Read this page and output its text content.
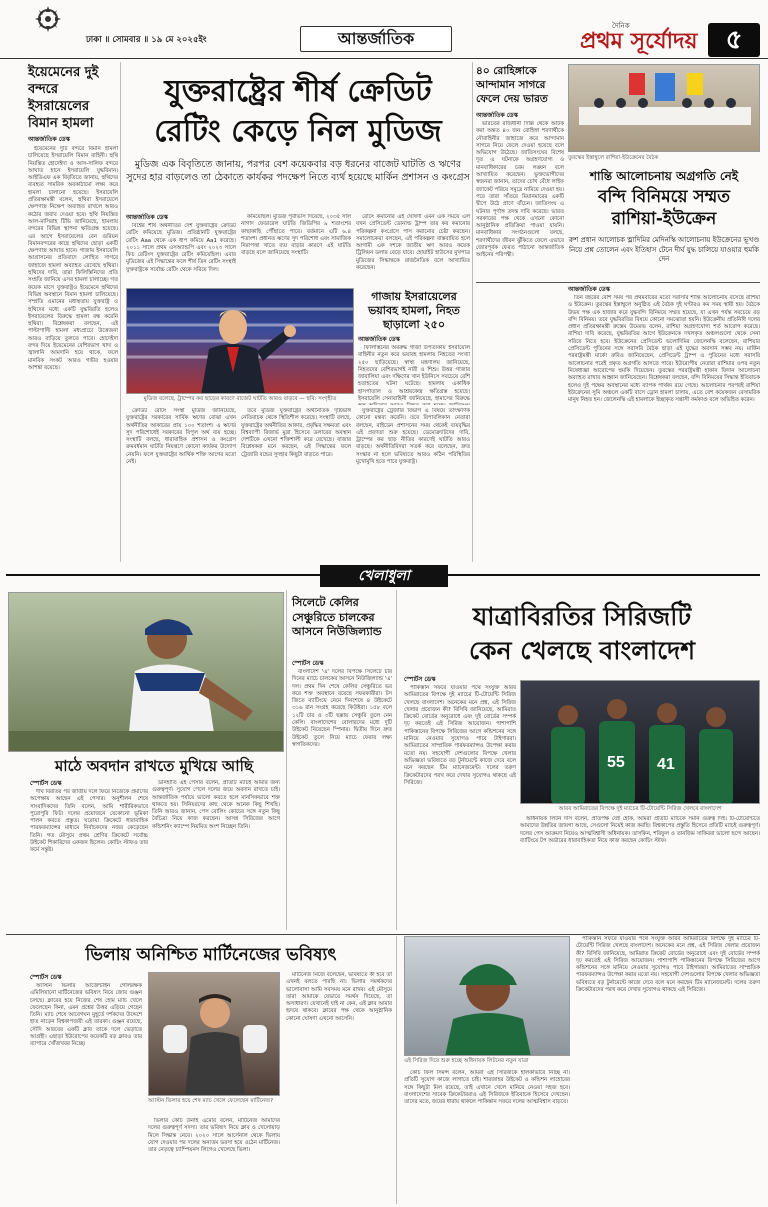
ঢাকা ॥ সোমবার ॥ ১৯ মে ২০২৫ইং	আন্তর্জাতিক
দৈনিক
প্রথম সূর্যোদয়	৫
ইয়েমেনের দুই বন্দরে ইসরায়েলের বিমান হামলা
আন্তর্জাতিক ডেস্ক

ইয়েমেনের দুটি বন্দরে বিমান হামলা চালিয়েছে ইসরায়েলি বিমান বাহিনী। হুথি নিয়ন্ত্রিত হোদেইদা ও আস-সালিফ বন্দরে আঘাত হানে ইসরায়েলি যুদ্ধবিমান। আইডিএফ এক বিবৃতিতে জানায়, হুথিদের ব্যবহৃত সামরিক অবকাঠামো লক্ষ্য করে হামলা চালানো হয়েছে। ইসরায়েলি প্রতিরক্ষামন্ত্রী বলেন, হুথিরা ইসরায়েলে ক্ষেপণাস্ত্র নিক্ষেপ অব্যাহত রাখলে আরও কঠোর জবাব দেওয়া হবে। হুথি নিয়ন্ত্রিত আল-মাসিরাহ টিভি জানিয়েছে, হামলায় বন্দরের বিভিন্ন স্থাপনা ক্ষতিগ্রস্ত হয়েছে। এর আগে ইসরায়েলের বেন গুরিয়ন বিমানবন্দরের কাছে হুথিদের ছোড়া একটি ক্ষেপণাস্ত্র আঘাত হানে। গাজায় ইসরায়েলি আগ্রাসনের প্রতিবাদে লোহিত সাগরে জাহাজে হামলা অব্যাহত রেখেছে হুথিরা। হুথিদের দাবি, তারা ফিলিস্তিনিদের প্রতি সংহতি জানিয়ে এসব হামলা চালাচ্ছে। গত কয়েক মাসে যুক্তরাষ্ট্রও ইয়েমেনে হুথিদের বিভিন্ন অবস্থানে বিমান হামলা চালিয়েছে। সম্প্রতি ওমানের মধ্যস্থতায় যুক্তরাষ্ট্র ও হুথিদের মধ্যে একটি যুদ্ধবিরতি হলেও ইসরায়েলের বিরুদ্ধে হামলা বন্ধ করেনি হুথিরা। বিশ্লেষকরা বলছেন, এই পাল্টাপাল্টি হামলা মধ্যপ্রাচ্যে উত্তেজনা আরও বাড়িয়ে তুলতে পারে। হোদেইদা বন্দর দিয়ে ইয়েমেনের বেশিরভাগ খাদ্য ও জ্বালানি আমদানি হয়ে থাকে, ফলে মানবিক সংকট আরও গভীর হওয়ার আশঙ্কা রয়েছে।

যুক্তরাষ্ট্রের শীর্ষ ক্রেডিট
রেটিং কেড়ে নিল মুডিজ
মুডিজ এক বিবৃতিতে জানায়, পরপর বেশ কয়েকবার বড় ধরনের বাজেট ঘাটতি ও ঋণের সুদের হার বাড়লেও তা ঠেকাতে কার্যকর পদক্ষেপ নিতে ব্যর্থ হয়েছে মার্কিন প্রশাসন ও কংগ্রেস
আন্তর্জাতিক ডেস্ক

বিশ্বের শীর্ষ অর্থনীতির দেশ যুক্তরাষ্ট্রের ক্রেডিট রেটিং কমিয়েছে মুডিজ। প্রতিষ্ঠানটি যুক্তরাষ্ট্রের রেটিং Aaa থেকে এক ধাপ কমিয়ে Aa1 করেছে। ২০১১ সালে প্রথম এসঅ্যান্ডপি এবং ২০২৩ সালে ফিচ রেটিংস যুক্তরাষ্ট্রের রেটিং কমিয়েছিল। এবার মুডিজের এই সিদ্ধান্তের ফলে শীর্ষ তিন রেটিং সংস্থাই যুক্তরাষ্ট্রকে সর্বোচ্চ রেটিং থেকে সরিয়ে দিল।

কমিয়েছিল। মুডিজ পূর্বাভাস দিয়েছে, ২০৩৫ সাল নাগাদ ফেডারেল ঘাটতি জিডিপির ৯ শতাংশের কাছাকাছি পৌঁছাতে পারে। বর্তমানে এটি ৬.৪ শতাংশ। প্রধানত ঋণের সুদ পরিশোধ এবং সামাজিক নিরাপত্তা খাতে ব্যয় বাড়ার কারণে এই ঘাটতি বাড়ছে বলে জানিয়েছে সংস্থাটি।

রেটিং কমানোর এই ঘোষণা এমন এক সময়ে এল যখন প্রেসিডেন্ট ডোনাল্ড ট্রাম্প তার কর কমানোর পরিকল্পনা কংগ্রেসে পাস করানোর চেষ্টা করছেন। সমালোচকরা বলছেন, এই পরিকল্পনা বাস্তবায়িত হলে আগামী এক দশকে জাতীয় ঋণ আরও কয়েক ট্রিলিয়ন ডলার বেড়ে যাবে। হোয়াইট হাউসের মুখপাত্র মুডিজের সিদ্ধান্তকে রাজনৈতিক বলে আখ্যায়িত করেছেন।

মুডিজ বলেছে, ট্রাম্পের কর ছাড়ের কারণে বাজেট ঘাটতি আরও বাড়বে — ছবি: সংগৃহীত

ক্রেডিট রেটিং সংস্থা মুডিজ জানিয়েছে, যুক্তরাষ্ট্রের সরকারের সার্বিক ঋণের বোঝা এখন অর্থনীতির আকারের প্রায় ১০০ শতাংশ। এ ঋণের সুদ পরিশোধেই সরকারের বিপুল অর্থ ব্যয় হচ্ছে। সংস্থাটি বলছে, ধারাবাহিক প্রশাসন ও কংগ্রেস ক্রমবর্ধমান ঘাটতি নিয়ন্ত্রণে কোনো কার্যকর উদ্যোগ নেয়নি। ফলে যুক্তরাষ্ট্রের আর্থিক শক্তি আগের মতো নেই।

তবে মুডিজ যুক্তরাষ্ট্রের অর্থনৈতিক দৃষ্টিভঙ্গি নেতিবাচক থেকে স্থিতিশীল করেছে। সংস্থাটি বলছে, যুক্তরাষ্ট্রের অর্থনীতির আকার, প্রবৃদ্ধির সক্ষমতা এবং বিশ্বব্যাপী রিজার্ভ মুদ্রা হিসেবে ডলারের অবস্থান দেশটিকে এখনো শক্তিশালী করে রেখেছে। বাজার বিশ্লেষকরা মনে করছেন, এই সিদ্ধান্তের ফলে ট্রেজারি বন্ডের সুদহার কিছুটা বাড়তে পারে।

যুক্তরাষ্ট্রের ট্রেজারি বিভাগ এ বিষয়ে তাৎক্ষণিক কোনো মন্তব্য করেনি। তবে রিপাবলিকান নেতারা বলছেন, বাইডেন প্রশাসনের সময় থেকেই ব্যয়বৃদ্ধির এই প্রবণতা শুরু হয়েছে। ডেমোক্র্যাটদের দাবি, ট্রাম্পের কর ছাড় নীতির কারণেই ঘাটতি আরও বাড়ছে। অর্থনীতিবিদরা সতর্ক করে বলেছেন, দ্রুত সংস্কার না হলে ভবিষ্যতে আরও কঠিন পরিস্থিতির মুখোমুখি হতে পারে যুক্তরাষ্ট্র।

গাজায় ইসরায়েলের ভয়াবহ হামলা, নিহত ছাড়ালো ২৫০
আন্তর্জাতিক ডেস্ক

ফিলিস্তিনের অবরুদ্ধ গাজা উপত্যকায় ইসরায়েলি বাহিনীর নতুন করে ভয়াবহ হামলায় নিহতের সংখ্যা ২৫০ ছাড়িয়েছে। স্বাস্থ্য মন্ত্রণালয় জানিয়েছে, নিহতদের বেশিরভাগই নারী ও শিশু। উত্তর গাজার জাবালিয়া এবং দক্ষিণের খান ইউনিসে সবচেয়ে বেশি হতাহতের ঘটনা ঘটেছে। হামলায় একাধিক হাসপাতাল ও আশ্রয়কেন্দ্র ক্ষতিগ্রস্ত হয়েছে। ইসরায়েলি সেনাবাহিনী জানিয়েছে, হামাসের বিরুদ্ধে

৪০ রোহিঙ্গাকে আন্দামান সাগরে ফেলে দেয় ভারত
আন্তর্জাতিক ডেস্ক

ভারতের রাজধানী দিল্লি থেকে আটক করা অন্তত ৪০ জন রোহিঙ্গা শরণার্থীকে নৌবাহিনীর জাহাজে করে আন্দামান সাগরে নিয়ে ফেলে দেওয়া হয়েছে বলে অভিযোগ উঠেছে। জাতিসংঘের বিশেষ দূত এ ঘটনাকে অগ্রহণযোগ্য ও মানবাধিকারের চরম লঙ্ঘন বলে আখ্যায়িত করেছেন। ভুক্তভোগীদের স্বজনরা জানান, তাদের চোখ বেঁধে লাইফ জ্যাকেট পরিয়ে সমুদ্রে নামিয়ে দেওয়া হয়। পরে তারা সাঁতরে মিয়ানমারের একটি দ্বীপে উঠে প্রাণে বাঁচেন। জাতিসংঘ এ ঘটনার পূর্ণাঙ্গ তদন্ত দাবি করেছে। ভারত সরকারের পক্ষ থেকে এখনো কোনো আনুষ্ঠানিক প্রতিক্রিয়া পাওয়া যায়নি। মানবাধিকার সংগঠনগুলো বলছে, শরণার্থীদের জীবন ঝুঁকিতে ফেলে এভাবে জোরপূর্বক ফেরত পাঠানো আন্তর্জাতিক আইনের পরিপন্থী।

তুরস্কের ইস্তাম্বুলে রাশিয়া-ইউক্রেনের বৈঠক
শান্তি আলোচনায় অগ্রগতি নেই
বন্দি বিনিময়ে সম্মত
রাশিয়া-ইউক্রেন
রুশ প্রধান আলোচক ভ্লাদিমির মেদিনস্কি আলোচনায় ইউক্রেনের ভূখণ্ড নিয়ে প্রশ্ন তোলেন এবং ইতিহাস টেনে দীর্ঘ যুদ্ধ চালিয়ে যাওয়ার হুমকি দেন
আন্তর্জাতিক ডেস্ক

তিন বছরের বেশি সময় পর প্রথমবারের মতো সরাসরি শান্তি আলোচনায় বসেছে রাশিয়া ও ইউক্রেন। তুরস্কের ইস্তাম্বুলে অনুষ্ঠিত এই বৈঠক দুই ঘণ্টারও কম সময় স্থায়ী হয়। বৈঠকে উভয় পক্ষ এক হাজার করে যুদ্ধবন্দি বিনিময়ে সম্মত হয়েছে, যা এখন পর্যন্ত সবচেয়ে বড় বন্দি বিনিময়। তবে যুদ্ধবিরতির বিষয়ে কোনো সমঝোতা হয়নি। ইউক্রেনীয় প্রতিনিধি দলের প্রধান প্রতিরক্ষামন্ত্রী রুস্তেম উমেরভ বলেন, রাশিয়া অগ্রহণযোগ্য শর্ত আরোপ করেছে। রাশিয়া দাবি করেছে, যুদ্ধবিরতির আগে ইউক্রেনকে দখলকৃত অঞ্চলগুলো থেকে সেনা সরিয়ে নিতে হবে। ইউক্রেনের প্রেসিডেন্ট ভলোদিমির জেলেনস্কি বলেছেন, রাশিয়ার প্রেসিডেন্ট পুতিনের সঙ্গে সরাসরি বৈঠক ছাড়া এই যুদ্ধের অবসান সম্ভব নয়। মার্কিন পররাষ্ট্রমন্ত্রী মার্কো রুবিও জানিয়েছেন, প্রেসিডেন্ট ট্রাম্প ও পুতিনের মধ্যে সরাসরি আলোচনার পরেই প্রকৃত অগ্রগতি আসতে পারে। ইউরোপীয় নেতারা রাশিয়ার ওপর নতুন নিষেধাজ্ঞা আরোপের হুমকি দিয়েছেন। তুরস্কের পররাষ্ট্রমন্ত্রী হাকান ফিদান আলোচনা অব্যাহত রাখার আহ্বান জানিয়েছেন। বিশ্লেষকরা বলছেন, বন্দি বিনিময়ের সিদ্ধান্ত ইতিবাচক হলেও দুই পক্ষের অবস্থানের মধ্যে ব্যাপক পার্থক্য রয়ে গেছে। আলোচনার পরপরই রাশিয়া ইউক্রেনের সুমি অঞ্চলে একটি বাসে ড্রোন হামলা চালায়, এতে বেশ কয়েকজন বেসামরিক মানুষ নিহত হন। জেলেনস্কি এই হামলাকে ইচ্ছাকৃত সন্ত্রাসী কর্মকাণ্ড বলে অভিহিত করেন।

খেলাধুলা
মাঠে অবদান রাখতে মুখিয়ে আছি
স্পোর্টস ডেস্ক

দীর্ঘ বিরতির পর জাতীয় দলে ফিরে নিজেকে প্রমাণের অপেক্ষায় আছেন এই পেসার। অনুশীলন শেষে সাংবাদিকদের তিনি বলেন, আমি শারীরিকভাবে পুরোপুরি ফিট। দলের প্রয়োজনে যেকোনো ভূমিকা পালন করতে প্রস্তুত। ঘরোয়া ক্রিকেটে ধারাবাহিক পারফরম্যান্সের মাধ্যমে নির্বাচকদের নজর কেড়েছেন তিনি। গত মৌসুমে প্রথম শ্রেণির ক্রিকেটে সর্বোচ্চ উইকেট শিকারিদের একজন ছিলেন। কোচিং স্টাফও তার ফর্মে সন্তুষ্ট।

ডানহাতি এই পেসার বলেন, প্রতিটি ম্যাচই আমার জন্য গুরুত্বপূর্ণ। সুযোগ পেলে দলের জয়ে অবদান রাখতে চাই। আন্তর্জাতিক পর্যায়ে ভালো করতে হলে মানসিকভাবে শক্ত থাকতে হয়। সিনিয়রদের কাছ থেকে অনেক কিছু শিখছি। তিনি আরও জানান, পেস বোলিং কোচের সঙ্গে নতুন কিছু বৈচিত্র্য নিয়ে কাজ করছেন। আসন্ন সিরিজের আগে কন্ডিশনিং ক্যাম্পে নিয়মিত অংশ নিচ্ছেন তিনি।

সিলেটে কেলির সেঞ্চুরিতে চালকের আসনে নিউজিল্যান্ড
স্পোর্টস ডেস্ক

বাংলাদেশ 'এ' দলের বিপক্ষে সিলেটে চার দিনের ম্যাচে চালকের আসনে নিউজিল্যান্ড 'এ' দল। প্রথম দিন শেষে কেলির সেঞ্চুরিতে ভর করে শক্ত অবস্থানে রয়েছে সফরকারীরা। টস জিতে ব্যাটিংয়ে নেমে দিনশেষে ৪ উইকেটে ৩১৬ রান সংগ্রহ করেছে কিউইরা। ১৫৮ বলে ১২টি চার ও ৩টি ছক্কায় সেঞ্চুরি তুলে নেন কেলি। বাংলাদেশের বোলারদের মধ্যে দুটি উইকেট নিয়েছেন স্পিনার। দ্বিতীয় দিনে দ্রুত উইকেট তুলে নিয়ে ম্যাচে ফেরার লক্ষ্য স্বাগতিকদের।

যাত্রাবিরতির সিরিজটি
কেন খেলছে বাংলাদেশ
স্পোর্টস ডেস্ক

পাকিস্তান সফরে যাওয়ার পথে সংযুক্ত আরব আমিরাতের বিপক্ষে দুই ম্যাচের টি-টোয়েন্টি সিরিজ খেলছে বাংলাদেশ। অনেকের মনে প্রশ্ন, এই সিরিজ খেলার প্রয়োজন কী? বিসিবি জানিয়েছে, আমিরাত ক্রিকেট বোর্ডের অনুরোধে এবং দুই বোর্ডের সম্পর্ক দৃঢ় করতেই এই সিরিজ আয়োজন। পাশাপাশি পাকিস্তানের বিপক্ষে সিরিজের আগে কন্ডিশনের সঙ্গে মানিয়ে নেওয়ার সুযোগও পাবে টাইগাররা। আমিরাতের সাম্প্রতিক পারফরম্যান্সও উপেক্ষা করার মতো নয়। সহযোগী দেশগুলোর বিপক্ষে খেলার অভিজ্ঞতা ভবিষ্যতে বড় টুর্নামেন্টে কাজে দেবে বলে মনে করছেন টিম ম্যানেজমেন্ট। দলের তরুণ ক্রিকেটারদের পরখ করে দেখার সুযোগও থাকছে এই সিরিজে।

55 41
আরব আমিরাতের বিপক্ষে দুই ম্যাচের টি-টোয়েন্টি সিরিজ খেলবে বাংলাদেশ

অধিনায়ক লিটন দাস বলেন, প্রতিপক্ষ যেই হোক, আমরা প্রতিটি ম্যাচকে সমান গুরুত্ব দিই। টি-টোয়েন্টিতে আমাদের উন্নতির জায়গা আছে, সেগুলো নিয়েই কাজ করছি। বিশ্বকাপের প্রস্তুতি হিসেবে প্রতিটি ম্যাচই গুরুত্বপূর্ণ। দলের পেস আক্রমণ নিয়েও আত্মবিশ্বাসী অধিনায়ক। তাসকিন, শরিফুল ও তানজিম সাকিবরা ভালো ছন্দে আছেন। ব্যাটিংয়ে টপ অর্ডারের ধারাবাহিকতা নিয়ে কাজ করছেন কোচিং স্টাফ।

ভিলায় অনিশ্চিত মার্টিনেজের ভবিষ্যৎ
স্পোর্টস ডেস্ক

অ্যাস্টন ভিলার আর্জেন্টাইন গোলরক্ষক এমিলিয়ানো মার্টিনেজের ভবিষ্যৎ নিয়ে জোর গুঞ্জন চলছে। ক্লাবের হয়ে নিজের শেষ হোম ম্যাচ খেলে ফেলেছেন কিনা, এমন প্রশ্নের উত্তর এড়িয়ে গেছেন তিনি। ম্যাচ শেষে আবেগঘন মুহূর্তে দর্শকদের উদ্দেশে হাত নাড়েন বিশ্বকাপজয়ী এই তারকা। গুঞ্জন রয়েছে, সৌদি আরবের একটি ক্লাব তাকে দলে ভেড়াতে আগ্রহী। এছাড়া ইউরোপের কয়েকটি বড় ক্লাবও তার ব্যাপারে খোঁজখবর নিচ্ছে।

অ্যাস্টন ভিলার হয়ে শেষ ম্যাচ খেলে ফেলেছেন মার্টিনেজ?

ভিলার কোচ উনাই এমেরি বলেন, মার্টিনেজ আমাদের দলের গুরুত্বপূর্ণ সদস্য। তার ভবিষ্যৎ নিয়ে ক্লাব ও খেলোয়াড় মিলে সিদ্ধান্ত নেবে। ২০২০ সালে আর্সেনাল থেকে ভিলায় যোগ দেওয়ার পর দলের অন্যতম ভরসা হয়ে ওঠেন মার্টিনেজ। তার নেতৃত্বে চ্যাম্পিয়নস লিগেও খেলেছে ভিলা।

মার্টিনেজ নিজে বলেছেন, ভবিষ্যতে কী হবে তা এখনই বলতে পারছি না। ভিলার সমর্থকদের ভালোবাসা আমি সবসময় মনে রাখব। এই মৌসুমে তারা আমাকে যেভাবে সমর্থন দিয়েছে, তা অসাধারণ। যেখানেই যাই না কেন, এই ক্লাব আমার হৃদয়ে থাকবে। ক্লাবের পক্ষ থেকে আনুষ্ঠানিক কোনো ঘোষণা এখনো আসেনি।

এই সিরিজ দিয়ে শুরু হচ্ছে অধিনায়ক লিটনের নতুন যাত্রা

কোচ ফিল সিমন্স বলেন, আমরা এই সিরিজকে হালকাভাবে নিচ্ছি না। প্রতিটি সুযোগ কাজে লাগাতে চাই। শারজাহর উইকেট ও কন্ডিশন লাহোরের সঙ্গে কিছুটা মিল রয়েছে, তাই এখানে খেলে মানিয়ে নেওয়া সহজ হবে। বাংলাদেশের সাবেক ক্রিকেটাররাও এই সিরিজকে ইতিবাচক হিসেবে দেখছেন। তাদের মতে, জয়ের ধারায় থাকলে পাকিস্তান সফরে দলের আত্মবিশ্বাস বাড়বে।

পাকিস্তান সফরে যাওয়ার পথে সংযুক্ত আরব আমিরাতের বিপক্ষে দুই ম্যাচের টি-টোয়েন্টি সিরিজ খেলছে বাংলাদেশ। অনেকের মনে প্রশ্ন, এই সিরিজ খেলার প্রয়োজন কী? বিসিবি জানিয়েছে, আমিরাত ক্রিকেট বোর্ডের অনুরোধে এবং দুই বোর্ডের সম্পর্ক দৃঢ় করতেই এই সিরিজ আয়োজন। পাশাপাশি পাকিস্তানের বিপক্ষে সিরিজের আগে কন্ডিশনের সঙ্গে মানিয়ে নেওয়ার সুযোগও পাবে টাইগাররা। আমিরাতের সাম্প্রতিক পারফরম্যান্সও উপেক্ষা করার মতো নয়। সহযোগী দেশগুলোর বিপক্ষে খেলার অভিজ্ঞতা ভবিষ্যতে বড় টুর্নামেন্টে কাজে দেবে বলে মনে করছেন টিম ম্যানেজমেন্ট। দলের তরুণ ক্রিকেটারদের পরখ করে দেখার সুযোগও থাকছে এই সিরিজে।
